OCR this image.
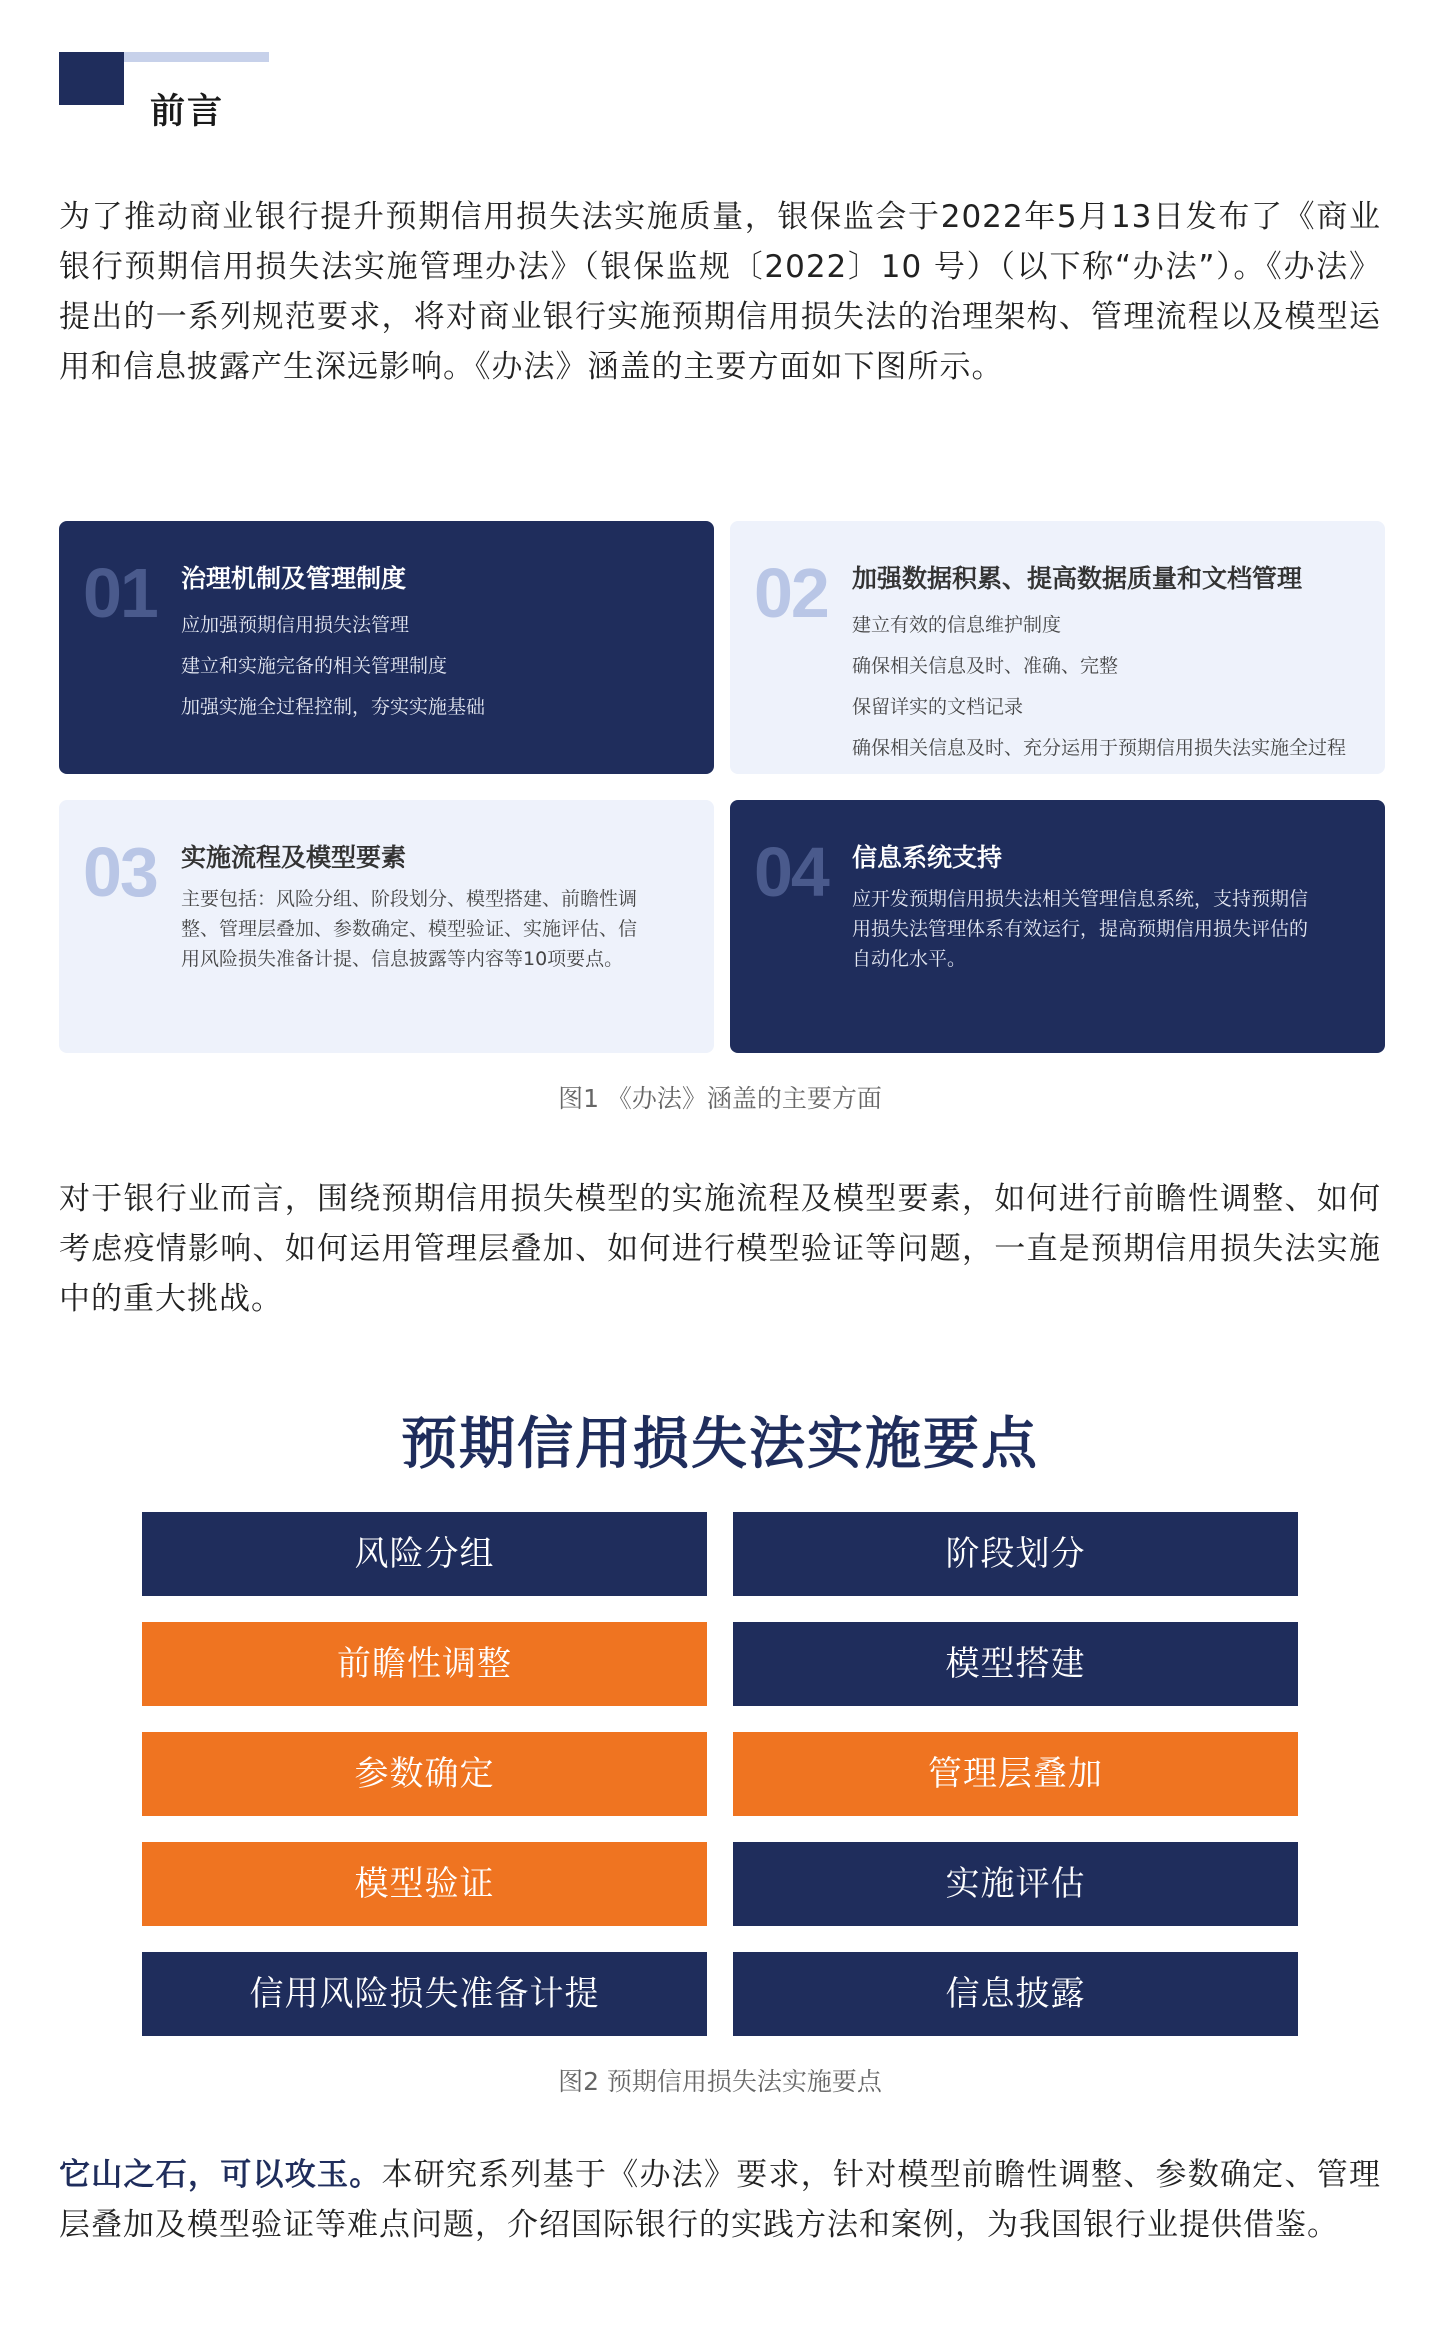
前言

为了推动商业银行提升预期信用损失法实施质量，银保监会于2022年5月13日发布了《商业银行预期信用损失法实施管理办法》（银保监规〔2022〕10 号）（以下称“办法”）。《办法》提出的一系列规范要求，将对商业银行实施预期信用损失法的治理架构、管理流程以及模型运用和信息披露产生深远影响。《办法》涵盖的主要方面如下图所示。

01 治理机制及管理制度
应加强预期信用损失法管理
建立和实施完备的相关管理制度
加强实施全过程控制，夯实实施基础
02 加强数据积累、提高数据质量和文档管理
建立有效的信息维护制度
确保相关信息及时、准确、完整
保留详实的文档记录
确保相关信息及时、充分运用于预期信用损失法实施全过程
03 实施流程及模型要素
主要包括：风险分组、阶段划分、模型搭建、前瞻性调整、管理层叠加、参数确定、模型验证、实施评估、信用风险损失准备计提、信息披露等内容等10项要点。
04 信息系统支持
应开发预期信用损失法相关管理信息系统，支持预期信用损失法管理体系有效运行，提高预期信用损失评估的自动化水平。
图1 《办法》涵盖的主要方面

对于银行业而言，围绕预期信用损失模型的实施流程及模型要素，如何进行前瞻性调整、如何考虑疫情影响、如何运用管理层叠加、如何进行模型验证等问题，一直是预期信用损失法实施中的重大挑战。

预期信用损失法实施要点
风险分组	阶段划分
前瞻性调整	模型搭建
参数确定	管理层叠加
模型验证	实施评估
信用风险损失准备计提	信息披露
图2 预期信用损失法实施要点

它山之石，可以攻玉。本研究系列基于《办法》要求，针对模型前瞻性调整、参数确定、管理层叠加及模型验证等难点问题，介绍国际银行的实践方法和案例，为我国银行业提供借鉴。
